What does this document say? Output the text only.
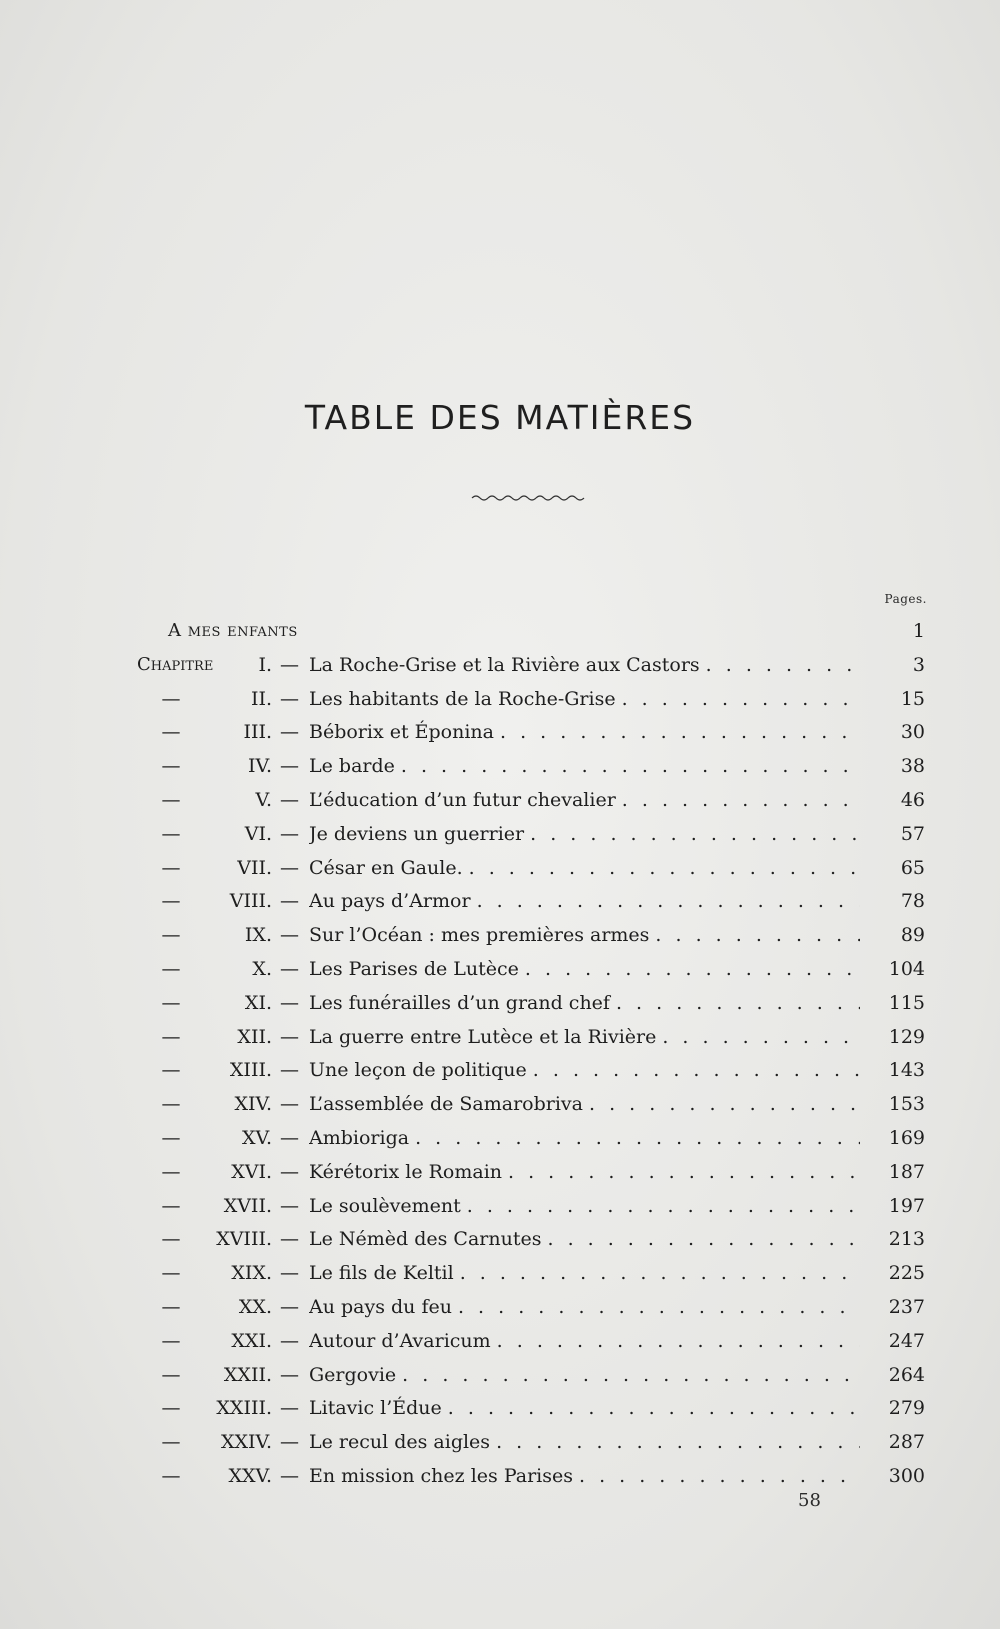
TABLE DES MATIÈRES
Pages.
A mes enfants	1
Chapitre I. — La Roche-Grise et la Rivière aux Castors . . .	3
—	II. — Les habitants de la Roche-Grise . . .	15
—	III. — Béborix et Éponina . . .	30
—	IV. — Le barde . . .	38
—	V. — L’éducation d’un futur chevalier . . .	46
—	VI. — Je deviens un guerrier . . .	57
—	VII. — César en Gaule. . . .	65
—	VIII. — Au pays d’Armor . . .	78
—	IX. — Sur l’Océan : mes premières armes . . .	89
—	X. — Les Parises de Lutèce . . .	104
—	XI. — Les funérailles d’un grand chef . . .	115
—	XII. — La guerre entre Lutèce et la Rivière . . .	129
—	XIII. — Une leçon de politique . . .	143
—	XIV. — L’assemblée de Samarobriva . . .	153
—	XV. — Ambioriga . . .	169
—	XVI. — Kérétorix le Romain . . .	187
—	XVII. — Le soulèvement . . .	197
—	XVIII. — Le Némèd des Carnutes . . .	213
—	XIX. — Le fils de Keltil . . .	225
—	XX. — Au pays du feu . . .	237
—	XXI. — Autour d’Avaricum . . .	247
—	XXII. — Gergovie . . .	264
—	XXIII. — Litavic l’Édue . . .	279
—	XXIV. — Le recul des aigles . . .	287
—	XXV. — En mission chez les Parises . . .	300
58
